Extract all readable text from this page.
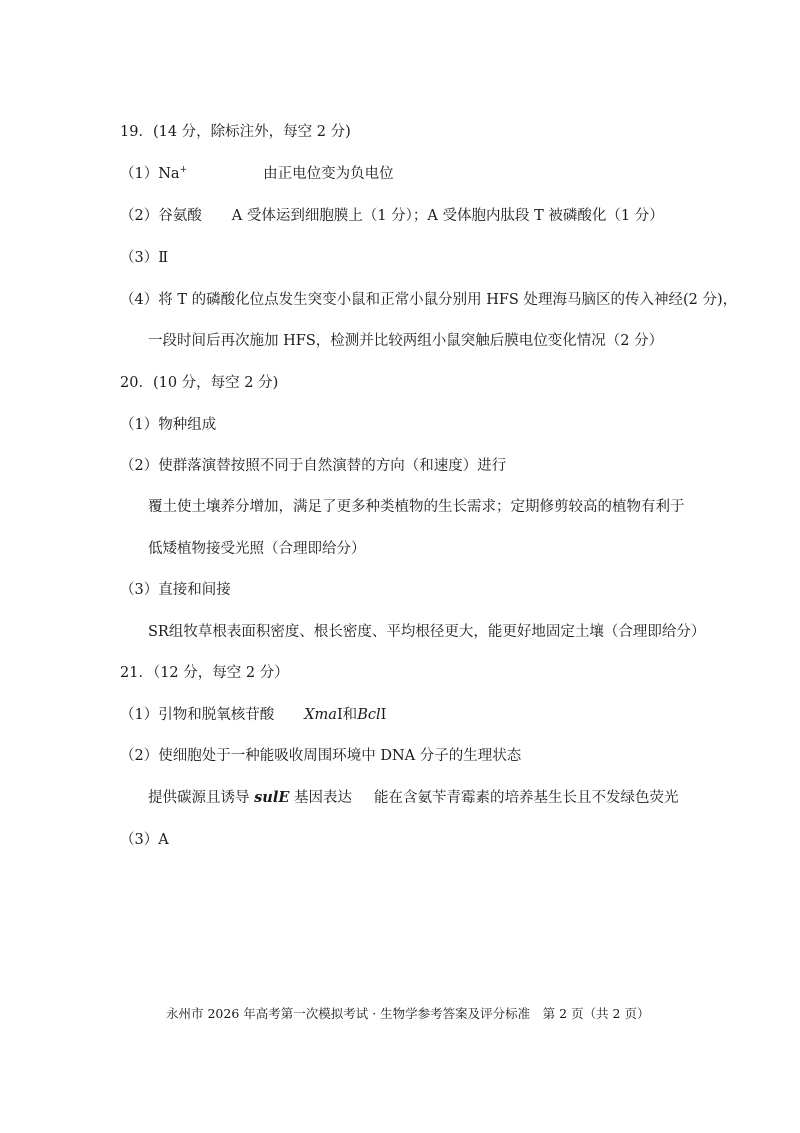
19．(14 分，除标注外，每空 2 分)
（1）Na+	由正电位变为负电位
（2）谷氨酸 A 受体运到细胞膜上（1 分）；A 受体胞内肽段 T 被磷酸化（1 分）
（3）Ⅱ
（4）将 T 的磷酸化位点发生突变小鼠和正常小鼠分别用 HFS 处理海马脑区的传入神经(2 分)，
一段时间后再次施加 HFS，检测并比较两组小鼠突触后膜电位变化情况（2 分）
20．(10 分，每空 2 分)
（1）物种组成
（2）使群落演替按照不同于自然演替的方向（和速度）进行
覆土使土壤养分增加，满足了更多种类植物的生长需求；定期修剪较高的植物有利于
低矮植物接受光照（合理即给分）
（3）直接和间接
SR组牧草根表面积密度、根长密度、平均根径更大，能更好地固定土壤（合理即给分）
21．（12 分，每空 2 分）
（1）引物和脱氧核苷酸 XmaⅠ和BclⅠ
（2）使细胞处于一种能吸收周围环境中 DNA 分子的生理状态
提供碳源且诱导 sulE 基因表达 能在含氨苄青霉素的培养基生长且不发绿色荧光
（3）A
永州市 2026 年高考第一次模拟考试 · 生物学参考答案及评分标准　第 2 页（共 2 页）
